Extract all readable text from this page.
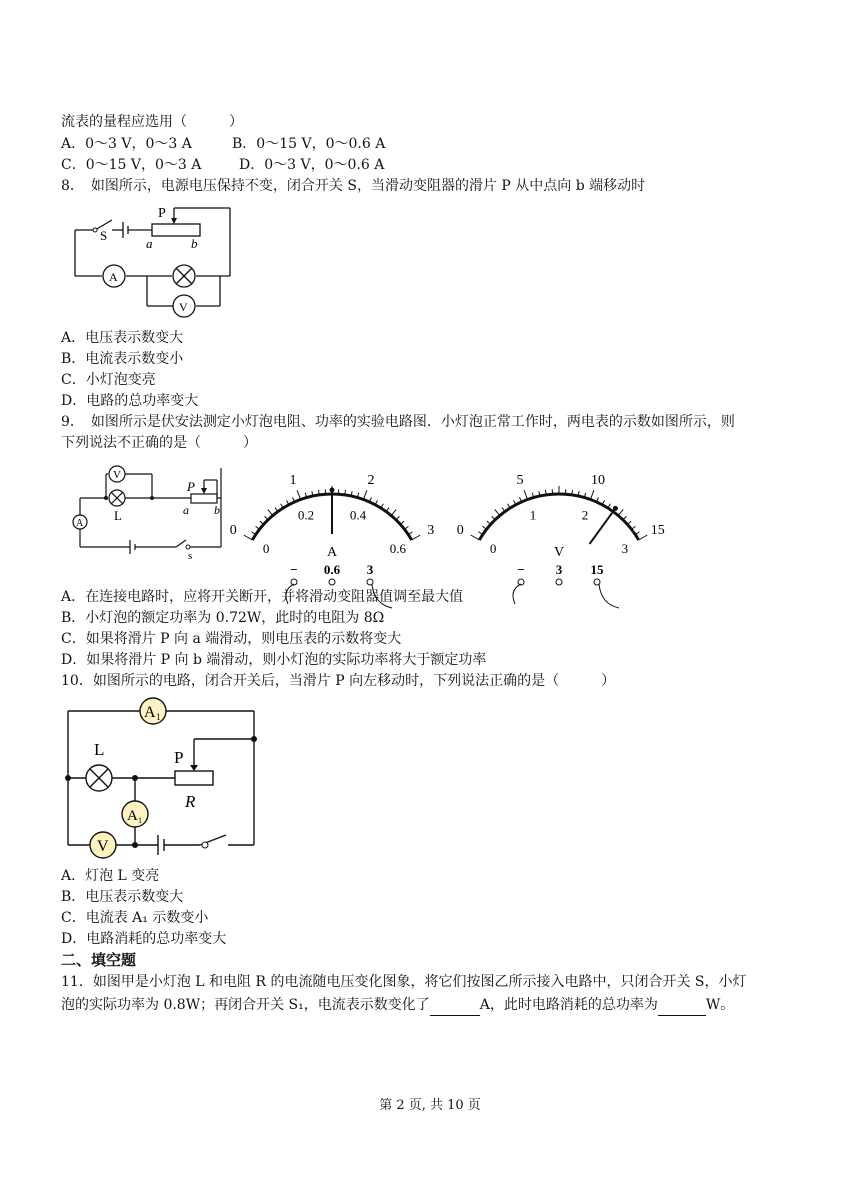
流表的量程应选用（　　　）
A．0～3 V，0～3 A	B．0～15 V，0～0.6 A
C．0～15 V，0～3 A	D．0～3 V，0～0.6 A
8．　如图所示，电源电压保持不变，闭合开关 S，当滑动变阻器的滑片 P 从中点向 b 端移动时
S
P
a	b
A
V
A．电压表示数变大
B．电流表示数变小
C．小灯泡变亮
D．电路的总功率变大
9．　如图所示是伏安法测定小灯泡电阻、功率的实验电路图．小灯泡正常工作时，两电表的示数如图所示，则
下列说法不正确的是（　　　）
V
A
L
P
a b
s
0
1	2
3
0
0.2	0.4
0.6
A
− 0.6 3
0
5	10
15
0
1	2
3
V
− 3 15
A．在连接电路时，应将开关断开，并将滑动变阻器值调至最大值
B．小灯泡的额定功率为 0.72W，此时的电阻为 8Ω
C．如果将滑片 P 向 a 端滑动，则电压表的示数将变大
D．如果将滑片 P 向 b 端滑动，则小灯泡的实际功率将大于额定功率
10．如图所示的电路，闭合开关后，当滑片 P 向左移动时，下列说法正确的是（　　　）
A 1
L	P
R
A 1
V
A．灯泡 L 变亮
B．电压表示数变大
C．电流表 A₁ 示数变小
D．电路消耗的总功率变大
二、填空题
11．如图甲是小灯泡 L 和电阻 R 的电流随电压变化图象，将它们按图乙所示接入电路中，只闭合开关 S，小灯
泡的实际功率为 0.8W；再闭合开关 S₁，电流表示数变化了	A，此时电路消耗的总功率为	W。
第 2 页, 共 10 页
